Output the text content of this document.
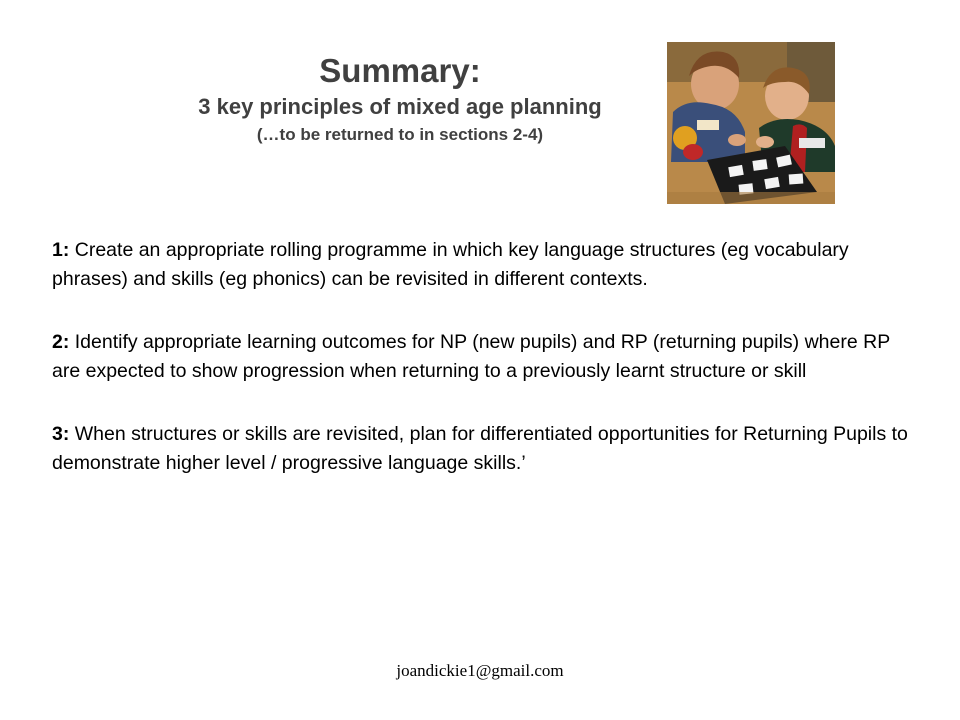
Summary:
3 key principles of mixed age planning
(…to be returned to in sections 2-4)

1: Create an appropriate rolling programme in which key language structures (eg vocabulary phrases) and skills (eg phonics) can be revisited in different contexts.

2: Identify appropriate learning outcomes for NP (new pupils) and RP (returning pupils) where RP are expected to show progression when returning to a previously learnt structure or skill

3: When structures or skills are revisited, plan for differentiated opportunities for Returning Pupils to demonstrate higher level / progressive language skills.’

joandickie1@gmail.com
